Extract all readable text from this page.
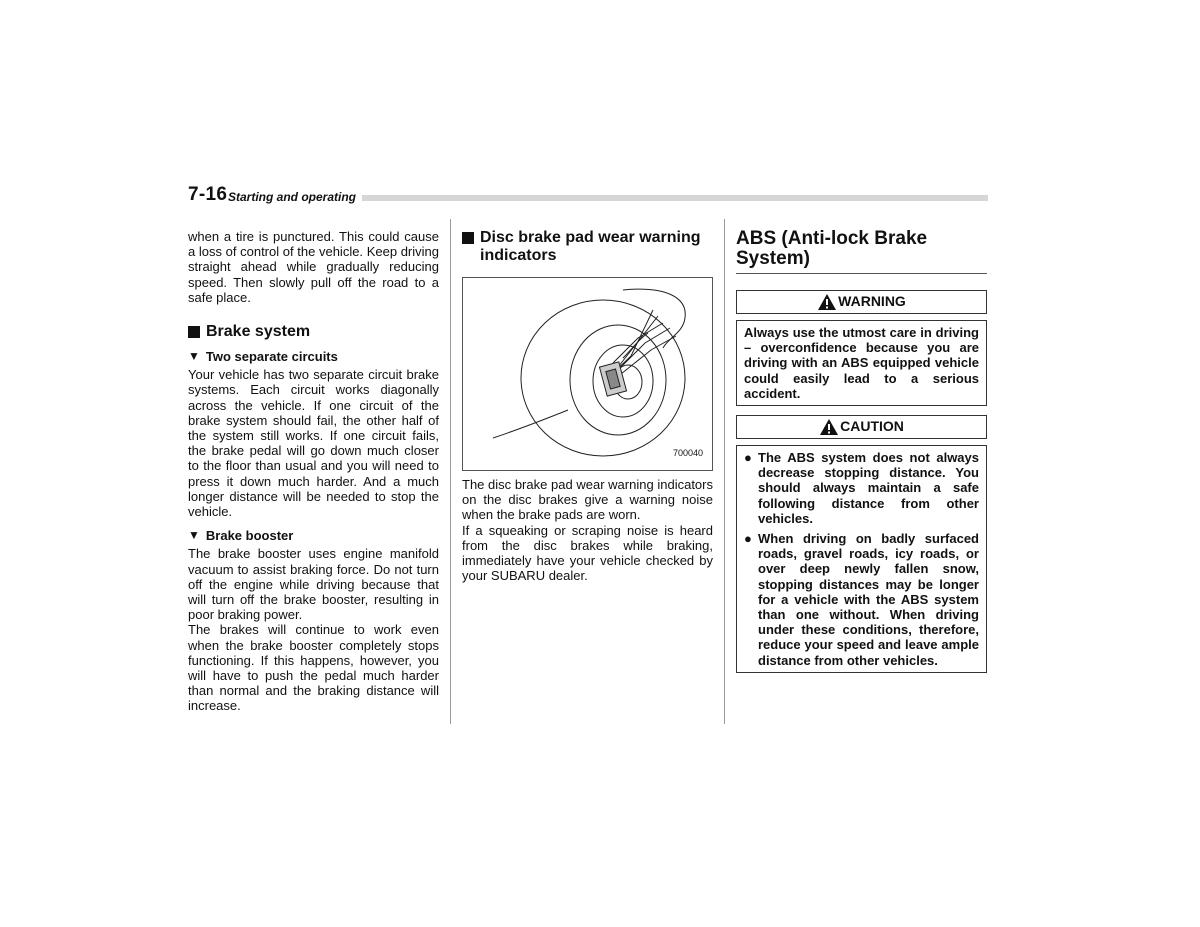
7-16 Starting and operating

when a tire is punctured. This could cause a loss of control of the vehicle. Keep driving straight ahead while gradually reducing speed. Then slowly pull off the road to a safe place.

Brake system
▼ Two separate circuits

Your vehicle has two separate circuit brake systems. Each circuit works diagonally across the vehicle. If one circuit of the brake system should fail, the other half of the system still works. If one circuit fails, the brake pedal will go down much closer to the floor than usual and you will need to press it down much harder. And a much longer distance will be needed to stop the vehicle.

▼ Brake booster

The brake booster uses engine manifold vacuum to assist braking force. Do not turn off the engine while driving because that will turn off the brake booster, resulting in poor braking power.

The brakes will continue to work even when the brake booster completely stops functioning. If this happens, however, you will have to push the pedal much harder than normal and the braking distance will increase.

Disc brake pad wear warning indicators
700040

The disc brake pad wear warning indicators on the disc brakes give a warning noise when the brake pads are worn.

If a squeaking or scraping noise is heard from the disc brakes while braking, immediately have your vehicle checked by your SUBARU dealer.

ABS (Anti-lock Brake System)
WARNING

Always use the utmost care in driving – overconfidence because you are driving with an ABS equipped vehicle could easily lead to a serious accident.

CAUTION
● The ABS system does not always decrease stopping distance. You should always maintain a safe following distance from other vehicles.

● When driving on badly surfaced roads, gravel roads, icy roads, or over deep newly fallen snow, stopping distances may be longer for a vehicle with the ABS system than one without. When driving under these conditions, therefore, reduce your speed and leave ample distance from other vehicles.
